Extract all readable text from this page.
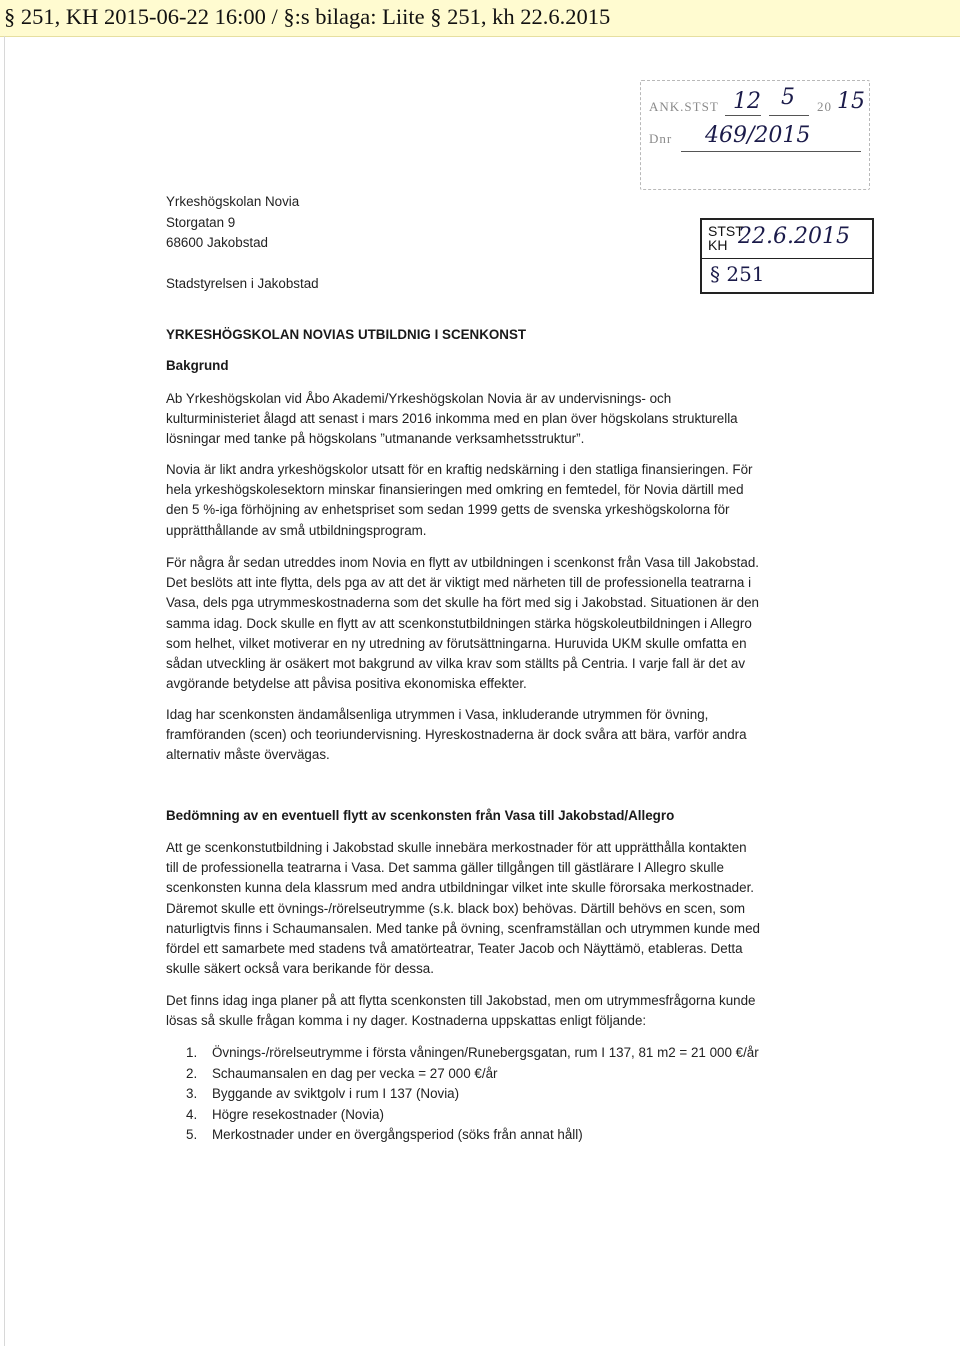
§ 251, KH 2015-06-22 16:00 / §:s bilaga: Liite § 251, kh 22.6.2015
ANK.STST 12 5 20 15
Dnr 469/2015
STST
KH 22.6.2015
§ 251
Yrkeshögskolan Novia
Storgatan 9
68600 Jakobstad
Stadstyrelsen i Jakobstad
YRKESHÖGSKOLAN NOVIAS UTBILDNIG I SCENKONST
Bakgrund

Ab Yrkeshögskolan vid Åbo Akademi/Yrkeshögskolan Novia är av undervisnings- och
kulturministeriet ålagd att senast i mars 2016 inkomma med en plan över högskolans strukturella
lösningar med tanke på högskolans ”utmanande verksamhetsstruktur”.

Novia är likt andra yrkeshögskolor utsatt för en kraftig nedskärning i den statliga finansieringen. För
hela yrkeshögskolesektorn minskar finansieringen med omkring en femtedel, för Novia därtill med
den 5 %-iga förhöjning av enhetspriset som sedan 1999 getts de svenska yrkeshögskolorna för
upprätthållande av små utbildningsprogram.

För några år sedan utreddes inom Novia en flytt av utbildningen i scenkonst från Vasa till Jakobstad.
Det beslöts att inte flytta, dels pga av att det är viktigt med närheten till de professionella teatrarna i
Vasa, dels pga utrymmeskostnaderna som det skulle ha fört med sig i Jakobstad. Situationen är den
samma idag. Dock skulle en flytt av att scenkonstutbildningen stärka högskoleutbildningen i Allegro
som helhet, vilket motiverar en ny utredning av förutsättningarna. Huruvida UKM skulle omfatta en
sådan utveckling är osäkert mot bakgrund av vilka krav som ställts på Centria. I varje fall är det av
avgörande betydelse att påvisa positiva ekonomiska effekter.

Idag har scenkonsten ändamålsenliga utrymmen i Vasa, inkluderande utrymmen för övning,
framföranden (scen) och teoriundervisning. Hyreskostnaderna är dock svåra att bära, varför andra
alternativ måste övervägas.

Bedömning av en eventuell flytt av scenkonsten från Vasa till Jakobstad/Allegro

Att ge scenkonstutbildning i Jakobstad skulle innebära merkostnader för att upprätthålla kontakten
till de professionella teatrarna i Vasa. Det samma gäller tillgången till gästlärare I Allegro skulle
scenkonsten kunna dela klassrum med andra utbildningar vilket inte skulle förorsaka merkostnader.
Däremot skulle ett övnings-/rörelseutrymme (s.k. black box) behövas. Därtill behövs en scen, som
naturligtvis finns i Schaumansalen. Med tanke på övning, scenframställan och utrymmen kunde med
fördel ett samarbete med stadens två amatörteatrar, Teater Jacob och Näyttämö, etableras. Detta
skulle säkert också vara berikande för dessa.

Det finns idag inga planer på att flytta scenkonsten till Jakobstad, men om utrymmesfrågorna kunde
lösas så skulle frågan komma i ny dager. Kostnaderna uppskattas enligt följande:

1. Övnings-/rörelseutrymme i första våningen/Runebergsgatan, rum I 137, 81 m2 = 21 000 €/år
2. Schaumansalen en dag per vecka = 27 000 €/år
3. Byggande av sviktgolv i rum I 137 (Novia)
4. Högre resekostnader (Novia)
5. Merkostnader under en övergångsperiod (söks från annat håll)
